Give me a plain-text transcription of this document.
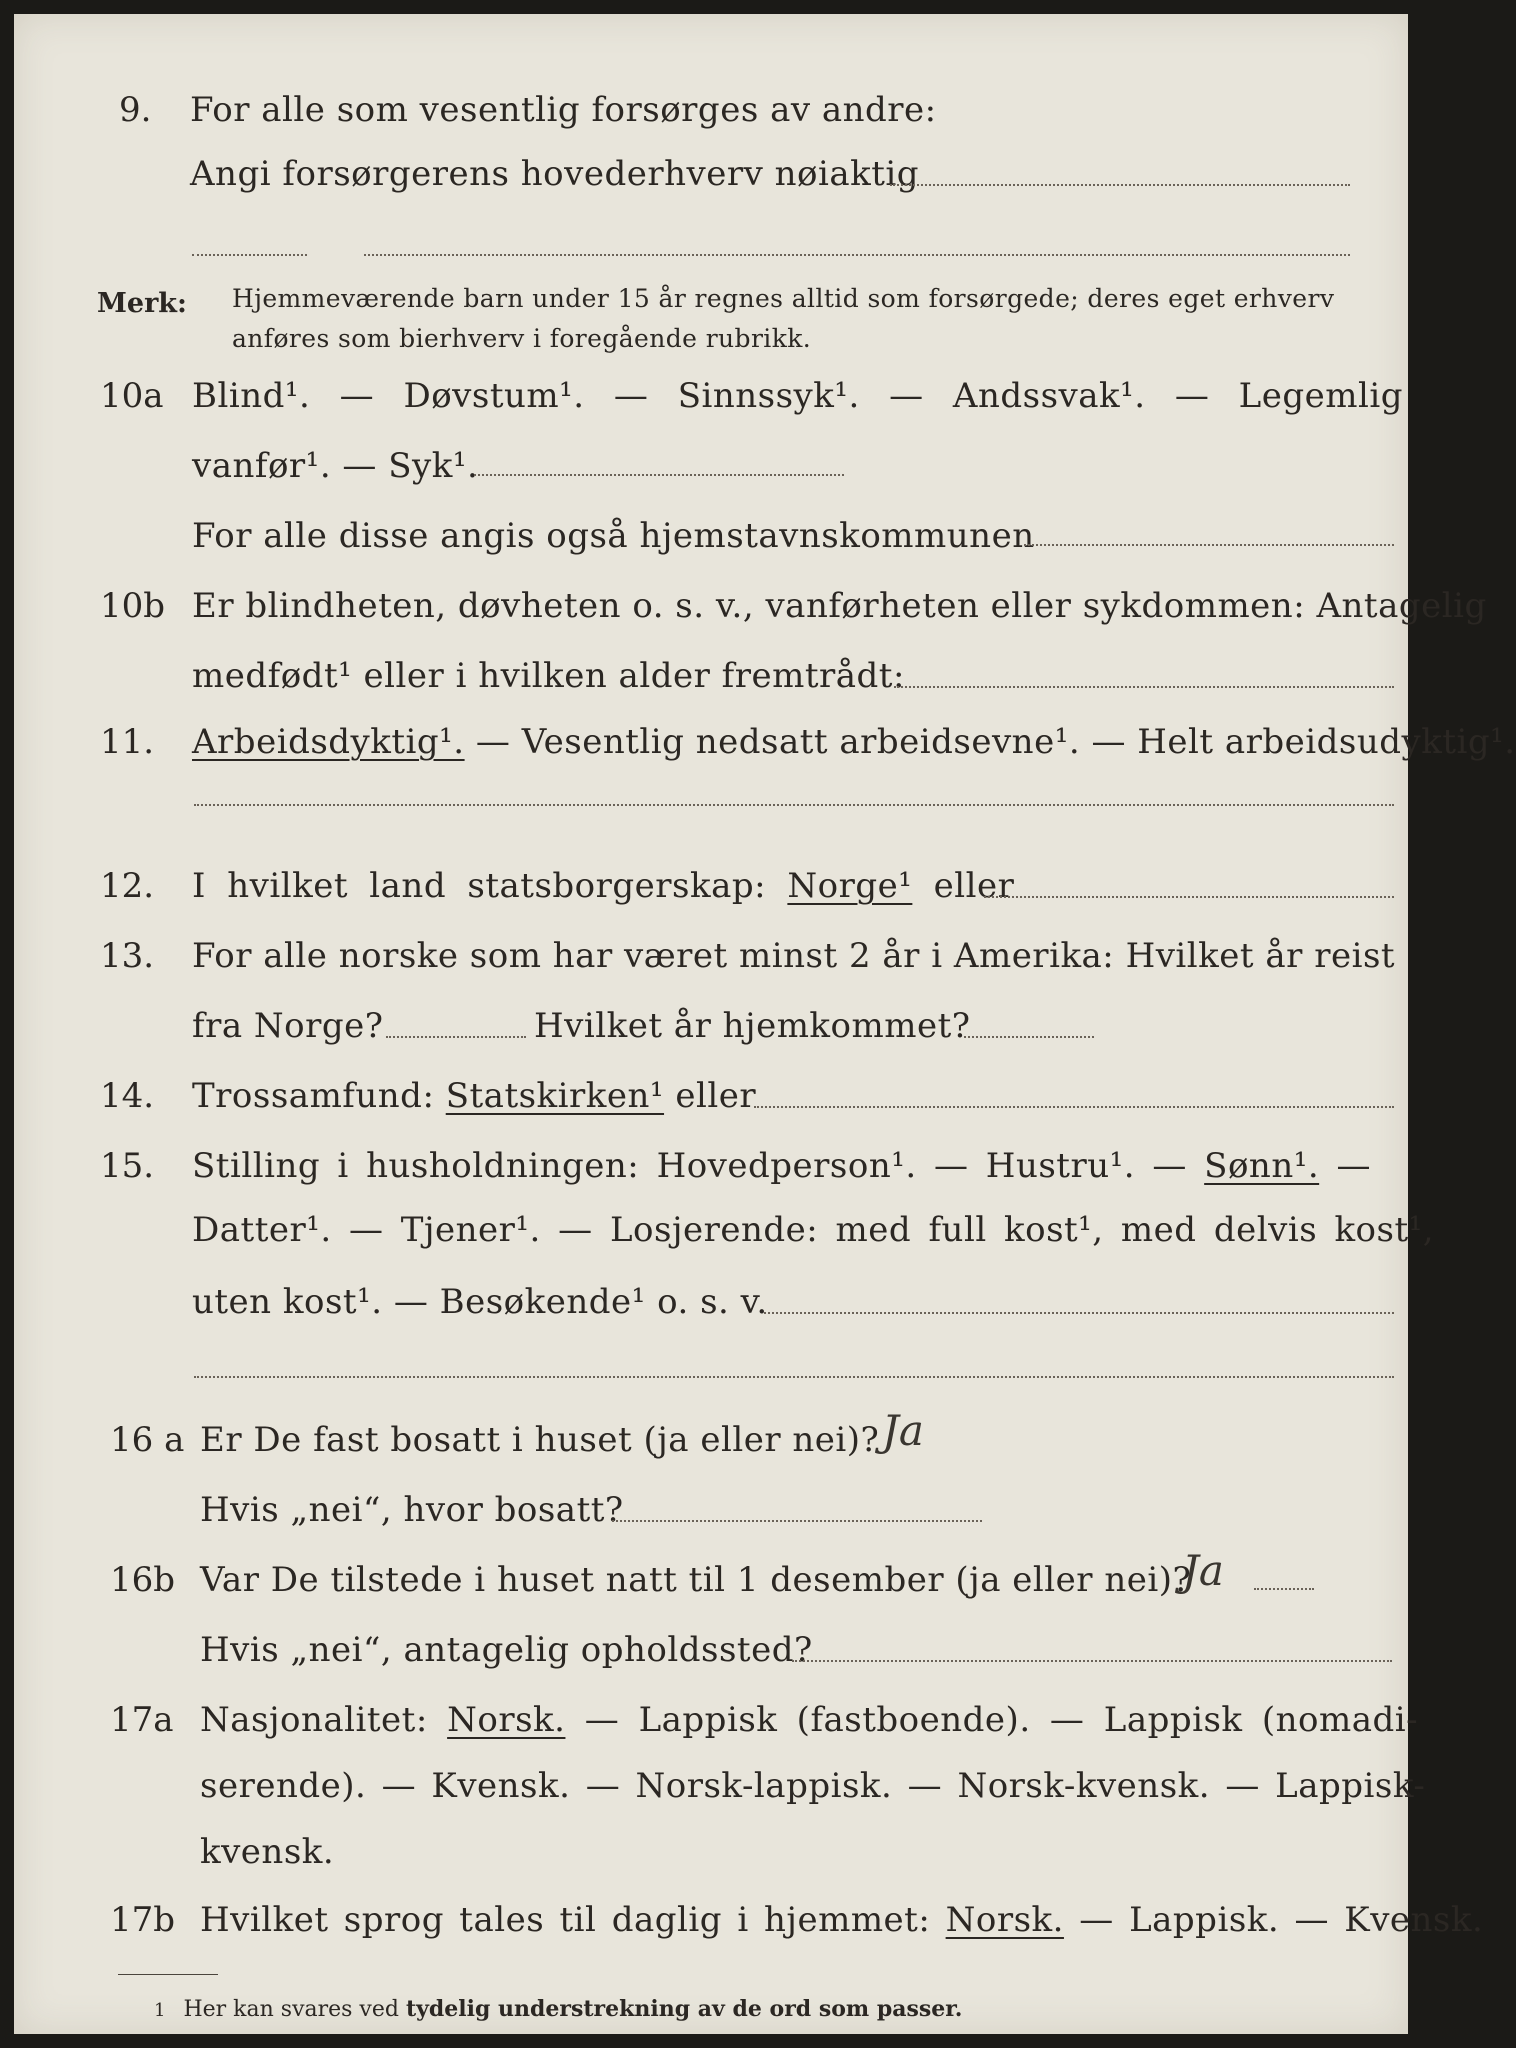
9. For alle som vesentlig forsørges av andre:
Angi forsørgerens hovederhverv nøiaktig
Merk: Hjemmeværende barn under 15 år regnes alltid som forsørgede; deres eget erhverv
anføres som bierhverv i foregående rubrikk.
10a Blind¹. — Døvstum¹. — Sinnssyk¹. — Andssvak¹. — Legemlig
vanfør¹. — Syk¹.
For alle disse angis også hjemstavnskommunen
10b Er blindheten, døvheten o. s. v., vanførheten eller sykdommen: Antagelig
medfødt¹ eller i hvilken alder fremtrådt:
11. Arbeidsdyktig¹. — Vesentlig nedsatt arbeidsevne¹. — Helt arbeidsudyktig¹.
12. I hvilket land statsborgerskap: Norge¹ eller
13. For alle norske som har været minst 2 år i Amerika: Hvilket år reist
fra Norge?	Hvilket år hjemkommet?
14. Trossamfund: Statskirken¹ eller
15. Stilling i husholdningen: Hovedperson¹. — Hustru¹. — Sønn¹. —
Datter¹. — Tjener¹. — Losjerende: med full kost¹, med delvis kost¹,
uten kost¹. — Besøkende¹ o. s. v.
16 a Er De fast bosatt i huset (ja eller nei)? Ja
Hvis „nei“, hvor bosatt?
16b Var De tilstede i huset natt til 1 desember (ja eller nei)?
Ja
Hvis „nei“, antagelig opholdssted?
17a Nasjonalitet: Norsk. — Lappisk (fastboende). — Lappisk (nomadi-
serende). — Kvensk. — Norsk-lappisk. — Norsk-kvensk. — Lappisk-
kvensk.
17b Hvilket sprog tales til daglig i hjemmet: Norsk. — Lappisk. — Kvensk.
1 Her kan svares ved tydelig understrekning av de ord som passer.
